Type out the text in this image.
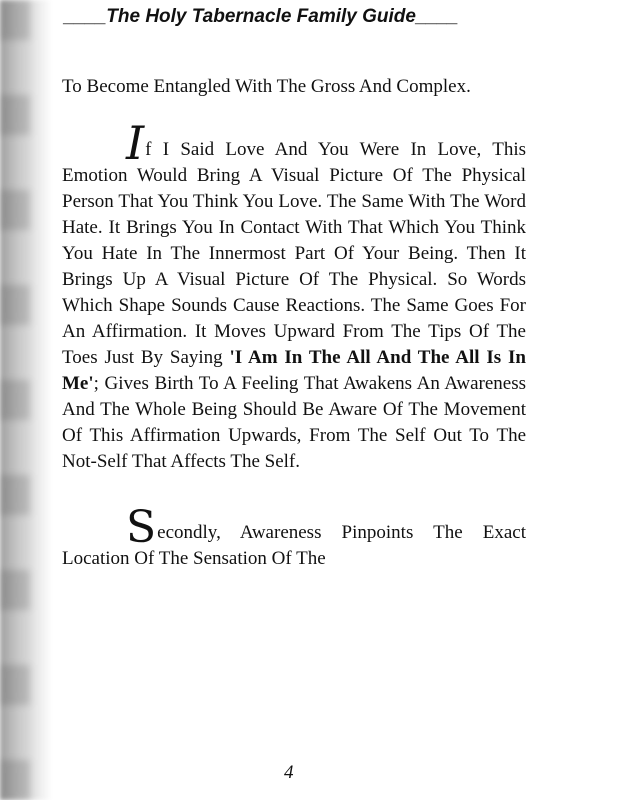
____The Holy Tabernacle Family Guide____

To Become Entangled With The Gross And Complex.

If I Said Love And You Were In Love, This Emotion Would Bring A Visual Picture Of The Physical Person That You Think You Love. The Same With The Word Hate. It Brings You In Contact With That Which You Think You Hate In The Innermost Part Of Your Being. Then It Brings Up A Visual Picture Of The Physical. So Words Which Shape Sounds Cause Reactions. The Same Goes For An Affirmation. It Moves Upward From The Tips Of The Toes Just By Saying 'I Am In The All And The All Is In Me'; Gives Birth To A Feeling That Awakens An Awareness And The Whole Being Should Be Aware Of The Movement Of This Affirmation Upwards, From The Self Out To The Not-Self That Affects The Self.

Secondly, Awareness Pinpoints The Exact Location Of The Sensation Of The

4
